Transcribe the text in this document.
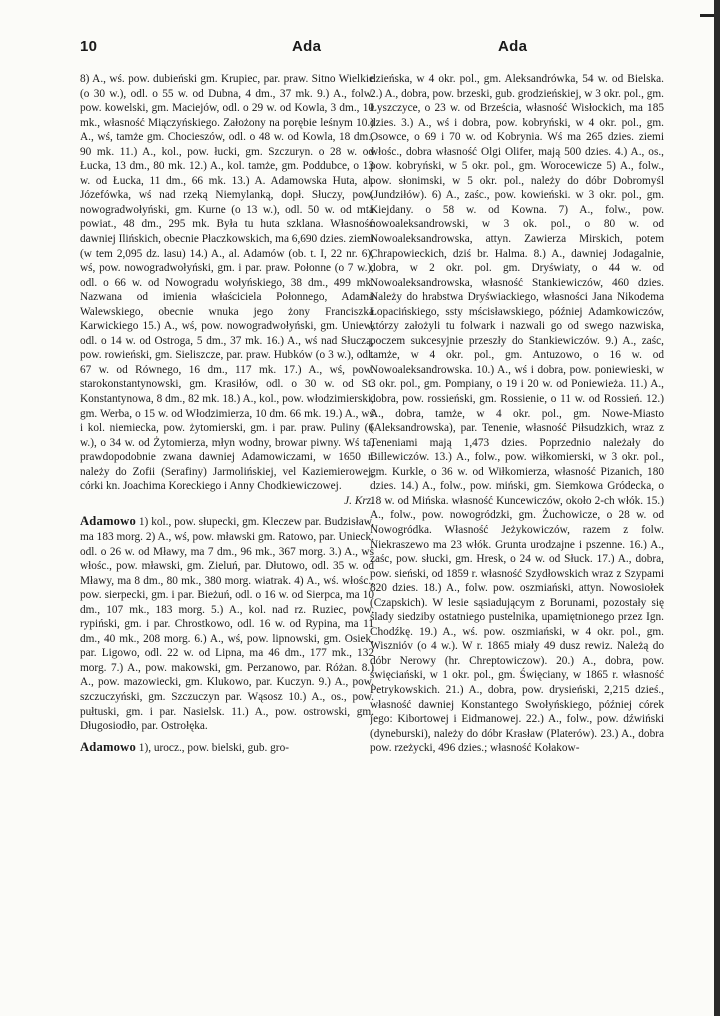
10	Ada	Ada

8) A., wś. pow. dubieński gm. Krupiec, par. praw. Sitno Wielkie (o 30 w.), odl. o 55 w. od Dubna, 4 dm., 37 mk. 9.) A., folw. pow. kowelski, gm. Maciejów, odl. o 29 w. od Kowla, 3 dm., 10 mk., własność Miączyńskiego. Założony na porębie leśnym 10.) A., wś, tamże gm. Chocieszów, odl. o 48 w. od Kowla, 18 dm., 90 mk. 11.) A., kol., pow. łucki, gm. Szczuryn. o 28 w. od Łucka, 13 dm., 80 mk. 12.) A., kol. tamże, gm. Poddubce, o 13 w. od Łucka, 11 dm., 66 mk. 13.) A. Adamowska Huta, al. Józefówka, wś nad rzeką Niemylanką, dopł. Słuczy, pow. nowogradwołyński, gm. Kurne (o 13 w.), odl. 50 w. od mta powiat., 48 dm., 295 mk. Była tu huta szklana. Własność dawniej Ilińskich, obecnie Płaczkowskich, ma 6,690 dzies. ziemi (w tem 2,095 dz. lasu) 14.) A., al. Adamów (ob. t. I, 22 nr. 6), wś, pow. nowogradwołyński, gm. i par. praw. Połonne (o 7 w.), odl. o 66 w. od Nowogradu wołyńskiego, 38 dm., 499 mk. Nazwana od imienia właściciela Połonnego, Adama Walewskiego, obecnie wnuka jego żony Franciszka Karwickiego 15.) A., wś, pow. nowogradwołyński, gm. Uniew, odl. o 14 w. od Ostroga, 5 dm., 37 mk. 16.) A., wś nad Słuczą, pow. rowieński, gm. Sieliszcze, par. praw. Hubków (o 3 w.), odl. 67 w. od Równego, 16 dm., 117 mk. 17.) A., wś, pow. starokonstantynowski, gm. Krasiłów, odl. o 30 w. od St. Konstantynowa, 8 dm., 82 mk. 18.) A., kol., pow. włodzimierski, gm. Werba, o 15 w. od Włodzimierza, 10 dm. 66 mk. 19.) A., wś i kol. niemiecka, pow. żytomierski, gm. i par. praw. Puliny (6 w.), o 34 w. od Żytomierza, młyn wodny, browar piwny. Wś ta, prawdopodobnie zwana dawniej Adamowiczami, w 1650 r. należy do Zofii (Serafiny) Jarmolińskiej, vel Kaziemierowej, córki kn. Joachima Koreckiego i Anny Chodkiewiczowej.
J. Krz.

Adamowo 1) kol., pow. słupecki, gm. Kleczew par. Budzisław, ma 183 morg. 2) A., wś, pow. mławski gm. Ratowo, par. Unieck. odl. o 26 w. od Mławy, ma 7 dm., 96 mk., 367 morg. 3.) A., wś włośc., pow. mławski, gm. Zieluń, par. Dłutowo, odl. 35 w. od Mławy, ma 8 dm., 80 mk., 380 morg. wiatrak. 4) A., wś. włośc., pow. sierpecki, gm. i par. Bieżuń, odl. o 16 w. od Sierpca, ma 10 dm., 107 mk., 183 morg. 5.) A., kol. nad rz. Ruziec, pow. rypiński, gm. i par. Chrostkowo, odl. 16 w. od Rypina, ma 11 dm., 40 mk., 208 morg. 6.) A., wś, pow. lipnowski, gm. Osiek, par. Ligowo, odl. 22 w. od Lipna, ma 46 dm., 177 mk., 132 morg. 7.) A., pow. makowski, gm. Perzanowo, par. Różan. 8.) A., pow. mazowiecki, gm. Klukowo, par. Kuczyn. 9.) A., pow. szczuczyński, gm. Szczuczyn par. Wąsosz 10.) A., os., pow. pułtuski, gm. i par. Nasielsk. 11.) A., pow. ostrowski, gm. Długosiodło, par. Ostrołęka.

Adamowo 1), urocz., pow. bielski, gub. gro-

dzieńska, w 4 okr. pol., gm. Aleksandrówka, 54 w. od Bielska. 2.) A., dobra, pow. brzeski, gub. grodzieńskiej, w 3 okr. pol., gm. Łyszczyce, o 23 w. od Brześcia, własność Wisłockich, ma 185 dzies. 3.) A., wś i dobra, pow. kobryński, w 4 okr. pol., gm. Osowce, o 69 i 70 w. od Kobrynia. Wś ma 265 dzies. ziemi włośc., dobra własność Olgi Olifer, mają 500 dzies. 4.) A., os., pow. kobryński, w 5 okr. pol., gm. Worocewicze 5) A., folw., pow. słonimski, w 5 okr. pol., należy do dóbr Dobromyśl (Jundziłów). 6) A., zaśc., pow. kowieński. w 3 okr. pol., gm. Kiejdany. o 58 w. od Kowna. 7) A., folw., pow. nowoaleksandrowski, w 3 ok. pol., o 80 w. od Nowoaleksandrowska, attyn. Zawierza Mirskich, potem Chrapowieckich, dziś br. Halma. 8.) A., dawniej Jodagalnie, dobra, w 2 okr. pol. gm. Dryświaty, o 44 w. od Nowoaleksandrowska, własność Stankiewiczów, 460 dzies. Należy do hrabstwa Dryświackiego, własności Jana Nikodema Łopacińskiego, ssty mścisławskiego, później Adamkowiczów, którzy założyli tu folwark i nazwali go od swego nazwiska, poczem sukcesyjnie przeszły do Stankiewiczów. 9.) A., zaśc, tamże, w 4 okr. pol., gm. Antuzowo, o 16 w. od Nowoaleksandrowska. 10.) A., wś i dobra, pow. poniewieski, w 3 okr. pol., gm. Pompiany, o 19 i 20 w. od Poniewieża. 11.) A., dobra, pow. rossieński, gm. Rossienie, o 11 w. od Rossień. 12.) A., dobra, tamże, w 4 okr. pol., gm. Nowe-Miasto (Aleksandrowska), par. Tenenie, własność Piłsudzkich, wraz z Teneniami mają 1,473 dzies. Poprzednio należały do Billewiczów. 13.) A., folw., pow. wiłkomierski, w 3 okr. pol., gm. Kurkle, o 36 w. od Wiłkomierza, własność Pizanich, 180 dzies. 14.) A., folw., pow. miński, gm. Siemkowa Gródecka, o 18 w. od Mińska. własność Kuncewiczów, około 2-ch włók. 15.) A., folw., pow. nowogródzki, gm. Żuchowicze, o 28 w. od Nowogródka. Własność Jeżykowiczów, razem z folw. Niekraszewo ma 23 włók. Grunta urodzajne i pszenne. 16.) A., zaśc, pow. słucki, gm. Hresk, o 24 w. od Słuck. 17.) A., dobra, pow. sieński, od 1859 r. własność Szydłowskich wraz z Szypami 820 dzies. 18.) A., folw. pow. oszmiański, attyn. Nowosiołek (Czapskich). W lesie sąsiadującym z Borunami, pozostały się ślady siedziby ostatniego pustelnika, upamiętnionego przez Ign. Chodźkę. 19.) A., wś. pow. oszmiański, w 4 okr. pol., gm. Wisznióv (o 4 w.). W r. 1865 miały 49 dusz rewiz. Należą do dóbr Nerowy (hr. Chreptowiczow). 20.) A., dobra, pow. święciański, w 1 okr. pol., gm. Święciany, w 1865 r. własność Petrykowskich. 21.) A., dobra, pow. drysieński, 2,215 dzieś., własność dawniej Konstantego Swołyńskiego, później córek jego: Kibortowej i Eidmanowej. 22.) A., folw., pow. dźwiński (dyneburski), należy do dóbr Krasław (Platerów). 23.) A., dobra pow. rzeżycki, 496 dzies.; własność Kołakow-
